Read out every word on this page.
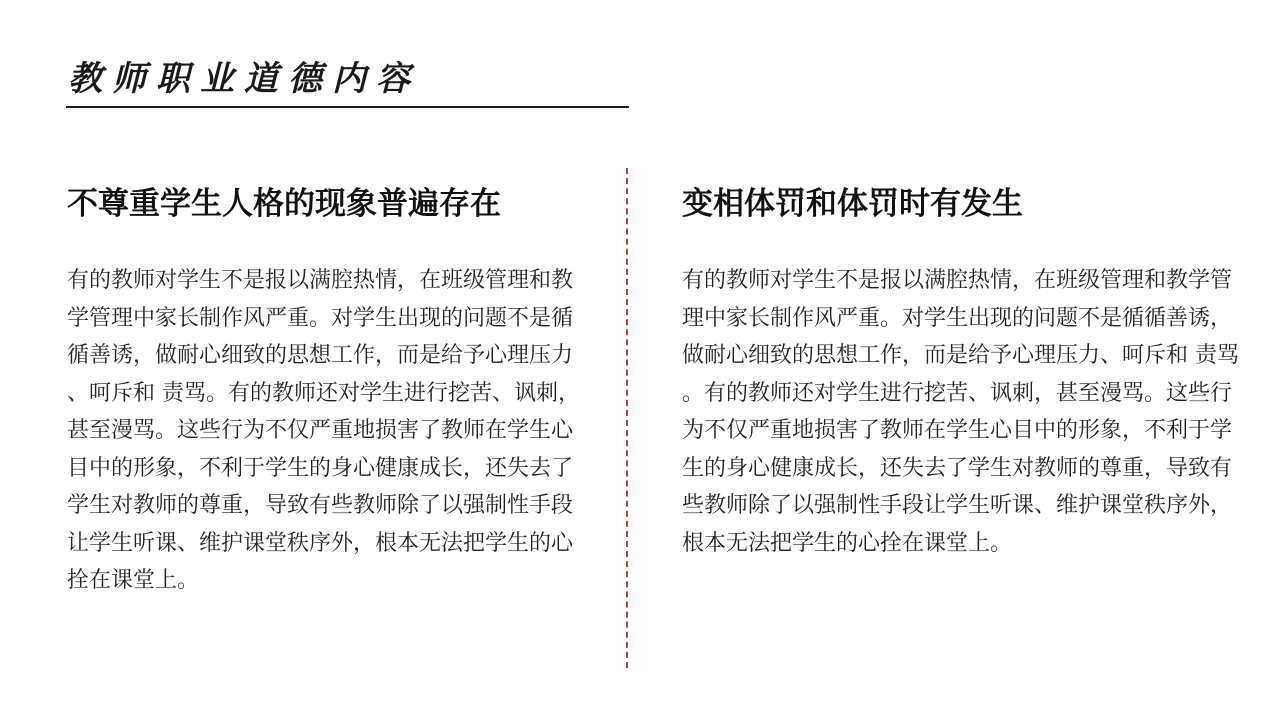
教师职业道德内容
不尊重学生人格的现象普遍存在

有的教师对学生不是报以满腔热情，在班级管理和教学管理中家长制作风严重。对学生出现的问题不是循循善诱，做耐心细致的思想工作，而是给予心理压力、呵斥和 责骂。有的教师还对学生进行挖苦、讽刺，甚至漫骂。这些行为不仅严重地损害了教师在学生心目中的形象，不利于学生的身心健康成长，还失去了学生对教师的尊重，导致有些教师除了以强制性手段让学生听课、维护课堂秩序外，根本无法把学生的心拴在课堂上。

变相体罚和体罚时有发生

有的教师对学生不是报以满腔热情，在班级管理和教学管理中家长制作风严重。对学生出现的问题不是循循善诱，做耐心细致的思想工作，而是给予心理压力、呵斥和 责骂。有的教师还对学生进行挖苦、讽刺，甚至漫骂。这些行为不仅严重地损害了教师在学生心目中的形象，不利于学生的身心健康成长，还失去了学生对教师的尊重，导致有些教师除了以强制性手段让学生听课、维护课堂秩序外，根本无法把学生的心拴在课堂上。
